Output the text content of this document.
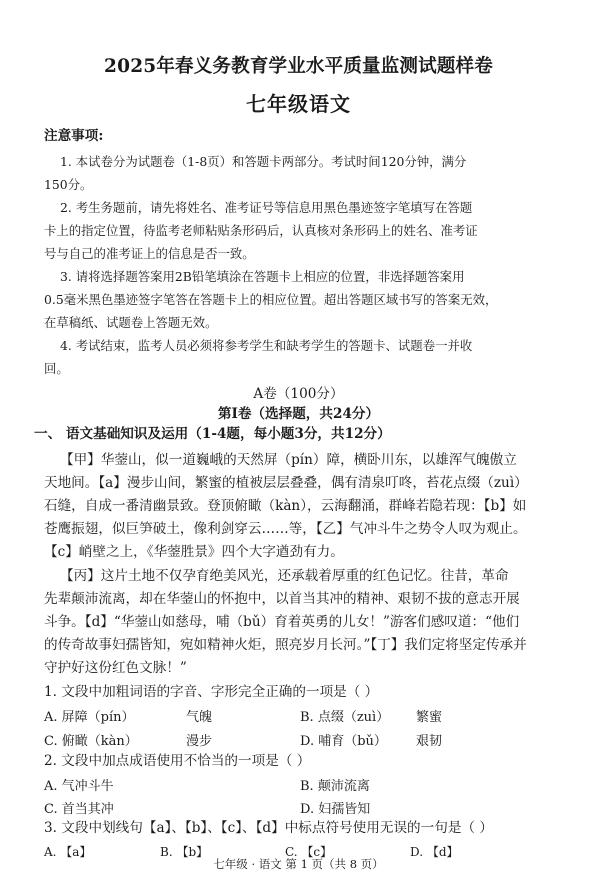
2025年春义务教育学业水平质量监测试题样卷
七年级语文
注意事项:
1. 本试卷分为试题卷（1-8页）和答题卡两部分。考试时间120分钟，满分
150分。
2. 考生务题前，请先将姓名、准考证号等信息用黑色墨迹签字笔填写在答题
卡上的指定位置，待监考老师粘贴条形码后，认真核对条形码上的姓名、准考证
号与自己的准考证上的信息是否一致。
3. 请将选择题答案用2B铅笔填涂在答题卡上相应的位置，非选择题答案用
0.5毫米黑色墨迹签字笔答在答题卡上的相应位置。超出答题区域书写的答案无效，
在草稿纸、试题卷上答题无效。
4. 考试结束，监考人员必须将参考学生和缺考学生的答题卡、试题卷一并收
回。
A卷（100分）
第Ⅰ卷（选择题，共24分）
一、 语文基础知识及运用（1-4题，每小题3分，共12分）
【甲】华蓥山，似一道巍峨的天然屏（pín）障，横卧川东，以雄浑气魄傲立
天地间。【a】漫步山间，繁蜜的植被层层叠叠，偶有清泉叮咚，苔花点缀（zuì）
石缝，自成一番清幽景致。登顶俯瞰（kàn），云海翻涌，群峰若隐若现：【b】如
苍鹰振翅，似巨笋破土，像利剑穿云……等，【乙】气冲斗牛之势令人叹为观止。
【c】峭壁之上，《华蓥胜景》四个大字遒劲有力。
【丙】这片土地不仅孕育绝美风光，还承载着厚重的红色记忆。往昔，革命
先辈颠沛流离，却在华蓥山的怀抱中，以首当其冲的精神、艰韧不拔的意志开展
斗争。【d】“华蓥山如慈母，哺（bǔ）育着英勇的儿女！”游客们感叹道：“他们
的传奇故事妇孺皆知，宛如精神火炬，照亮岁月长河。”【丁】我们定将坚定传承并
守护好这份红色文脉！”
1. 文段中加粗词语的字音、字形完全正确的一项是（ ）
A. 屏障（pín）	气魄	B. 点缀（zuì） 繁蜜
C. 俯瞰（kàn）	漫步	D. 哺育（bǔ） 艰韧
2. 文段中加点成语使用不恰当的一项是（ ）
A. 气冲斗牛	B. 颠沛流离
C. 首当其冲	D. 妇孺皆知
3. 文段中划线句【a】、【b】、【c】、【d】中标点符号使用无误的一句是（ ）
A. 【a】	B. 【b】	C. 【c】	D. 【d】
七年级 · 语文 第 1 页（共 8 页）
